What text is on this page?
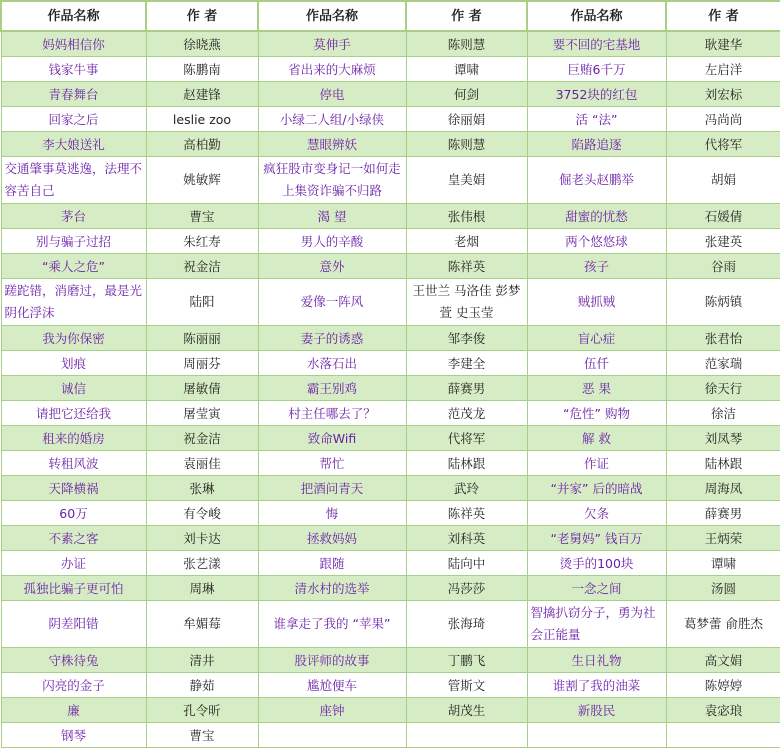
作品名称	作 者	作品名称	作 者	作品名称	作 者
妈妈相信你	徐晓燕	莫伸手	陈则慧	要不回的宅基地	耿建华
钱家牛事	陈鹏南	省出来的大麻烦	谭啸	巨贿6千万	左启洋
青春舞台	赵建锋	停电	何剑	3752块的红包	刘宏标
回家之后	leslie zoo	小绿二人组/小绿侠	徐丽娟	活 “法”	冯尚尚
李大娘送礼	高柏勤	慧眼辨妖	陈则慧	陷路追逐	代将军
交通肇事莫逃逸，法理不容苦自己	姚敏辉	疯狂股市变身记一如何走上集资诈骗不归路	皇美娟	倔老头赵鹏举	胡娟
茅台	曹宝	渴 望	张伟根	甜蜜的忧愁	石媛倩
别与骗子过招	朱红寿	男人的辛酸	老烟	两个悠悠球	张建英
“乘人之危”	祝金洁	意外	陈祥英	孩子	谷雨
蹉跎错，消磨过，最是光阴化浮沫	陆阳	爱像一阵风	王世兰 马洛佳 彭梦萱 史玉莹	贼抓贼	陈炳镇
我为你保密	陈丽丽	妻子的诱惑	邹李俊	盲心症	张君怡
划痕	周丽芬	水落石出	李建全	伍仟	范家瑞
诚信	屠敏倩	霸王别鸡	薛赛男	恶 果	徐天行
请把它还给我	屠莹寅	村主任哪去了？	范茂龙	“危性” 购物	徐洁
租来的婚房	祝金洁	致命Wifi	代将军	解 救	刘凤琴
转租风波	袁丽佳	帮忙	陆林跟	作证	陆林跟
天降横祸	张琳	把酒问青天	武玲	“并家” 后的暗战	周海凤
60万	有令峻	悔	陈祥英	欠条	薛赛男
不素之客	刘卡达	拯救妈妈	刘科英	“老舅妈” 钱百万	王炳荣
办证	张艺漾	跟随	陆向中	烫手的100块	谭啸
孤独比骗子更可怕	周琳	清水村的选举	冯莎莎	一念之间	汤圆
阴差阳错	牟媚莓	谁拿走了我的 “苹果”	张海琦	智擒扒窃分子，勇为社会正能量	葛梦蕾 俞胜杰
守株待兔	清井	股评师的故事	丁鹏飞	生日礼物	高文娟
闪亮的金子	静茹	尴尬便车	管斯文	谁割了我的油菜	陈婷婷
廉	孔令昕	座钟	胡茂生	新股民	袁宓琅
钢琴	曹宝				
